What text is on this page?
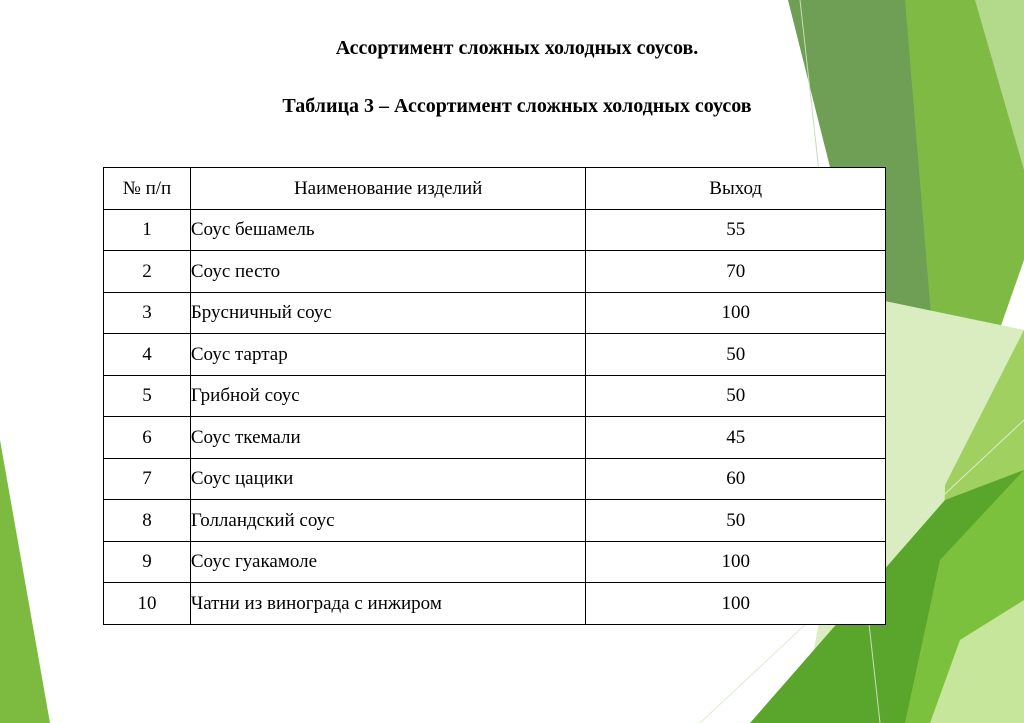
Ассортимент сложных холодных соусов.
Таблица 3 – Ассортимент сложных холодных соусов
№ п/п	Наименование изделий	Выход
1	Соус бешамель	55
2	Соус песто	70
3	Брусничный соус	100
4	Соус тартар	50
5	Грибной соус	50
6	Соус ткемали	45
7	Соус цацики	60
8	Голландский соус	50
9	Соус гуакамоле	100
10	Чатни из винограда с инжиром	100
